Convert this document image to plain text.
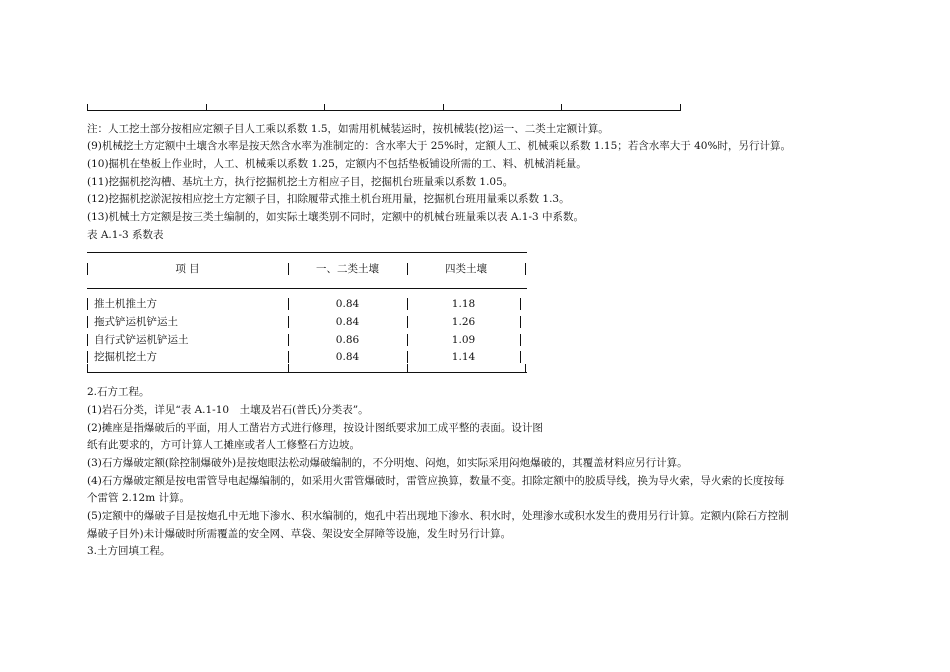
注：人工挖土部分按相应定额子目人工乘以系数 1.5，如需用机械装运时，按机械装(挖)运一、二类土定额计算。
(9)机械挖土方定额中土壤含水率是按天然含水率为准制定的：含水率大于 25%时，定额人工、机械乘以系数 1.15；若含水率大于 40%时，另行计算。
(10)掘机在垫板上作业时，人工、机械乘以系数 1.25，定额内不包括垫板铺设所需的工、料、机械消耗量。
(11)挖掘机挖沟槽、基坑土方，执行挖掘机挖土方相应子目，挖掘机台班量乘以系数 1.05。
(12)挖掘机挖淤泥按相应挖土方定额子目，扣除履带式推土机台班用量，挖掘机台班用量乘以系数 1.3。
(13)机械土方定额是按三类土编制的，如实际土壤类别不同时，定额中的机械台班量乘以表 A.1-3 中系数。
表 A.1-3 系数表
项 目	一、二类土壤	四类土壤
推土机推土方	0.84	1.18
拖式铲运机铲运土	0.84	1.26
自行式铲运机铲运土	0.86	1.09
挖掘机挖土方	0.84	1.14
2.石方工程。
(1)岩石分类，详见“表 A.1-10　土壤及岩石(普氏)分类表”。
(2)摊座是指爆破后的平面，用人工凿岩方式进行修理，按设计图纸要求加工成平整的表面。设计图
纸有此要求的，方可计算人工摊座或者人工修整石方边坡。
(3)石方爆破定额(除控制爆破外)是按炮眼法松动爆破编制的，不分明炮、闷炮，如实际采用闷炮爆破的，其覆盖材料应另行计算。
(4)石方爆破定额是按电雷管导电起爆编制的，如采用火雷管爆破时，雷管应换算，数量不变。扣除定额中的胶质导线，换为导火索，导火索的长度按每
个雷管 2.12m 计算。
(5)定额中的爆破子目是按炮孔中无地下渗水、积水编制的，炮孔中若出现地下渗水、积水时，处理渗水或积水发生的费用另行计算。定额内(除石方控制
爆破子目外)未计爆破时所需覆盖的安全网、草袋、架设安全屏障等设施，发生时另行计算。
3.土方回填工程。
